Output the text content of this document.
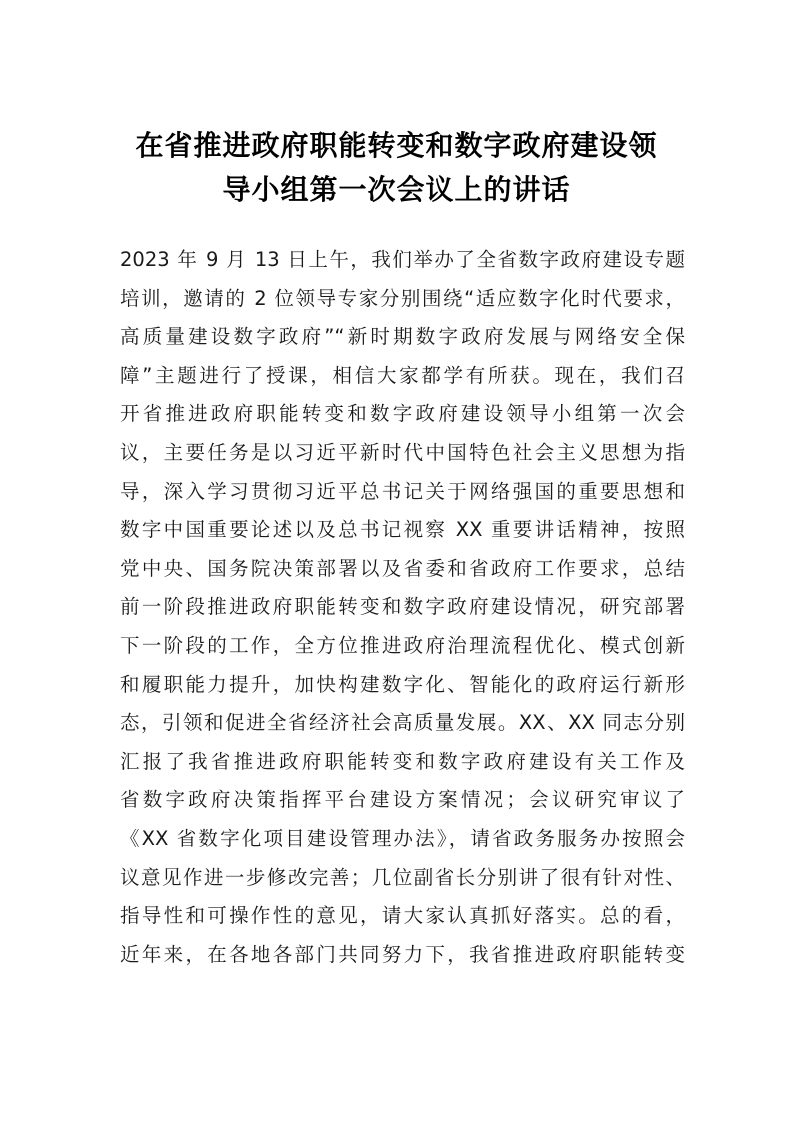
在省推进政府职能转变和数字政府建设领
导小组第一次会议上的讲话
2023 年 9 月 13 日上午，我们举办了全省数字政府建设专题
培训，邀请的 2 位领导专家分别围绕“适应数字化时代要求，
高质量建设数字政府”“新时期数字政府发展与网络安全保
障”主题进行了授课，相信大家都学有所获。现在，我们召
开省推进政府职能转变和数字政府建设领导小组第一次会
议，主要任务是以习近平新时代中国特色社会主义思想为指
导，深入学习贯彻习近平总书记关于网络强国的重要思想和
数字中国重要论述以及总书记视察 XX 重要讲话精神，按照
党中央、国务院决策部署以及省委和省政府工作要求，总结
前一阶段推进政府职能转变和数字政府建设情况，研究部署
下一阶段的工作，全方位推进政府治理流程优化、模式创新
和履职能力提升，加快构建数字化、智能化的政府运行新形
态，引领和促进全省经济社会高质量发展。XX、XX 同志分别
汇报了我省推进政府职能转变和数字政府建设有关工作及
省数字政府决策指挥平台建设方案情况；会议研究审议了
《XX 省数字化项目建设管理办法》，请省政务服务办按照会
议意见作进一步修改完善；几位副省长分别讲了很有针对性、
指导性和可操作性的意见，请大家认真抓好落实。总的看，
近年来，在各地各部门共同努力下，我省推进政府职能转变
